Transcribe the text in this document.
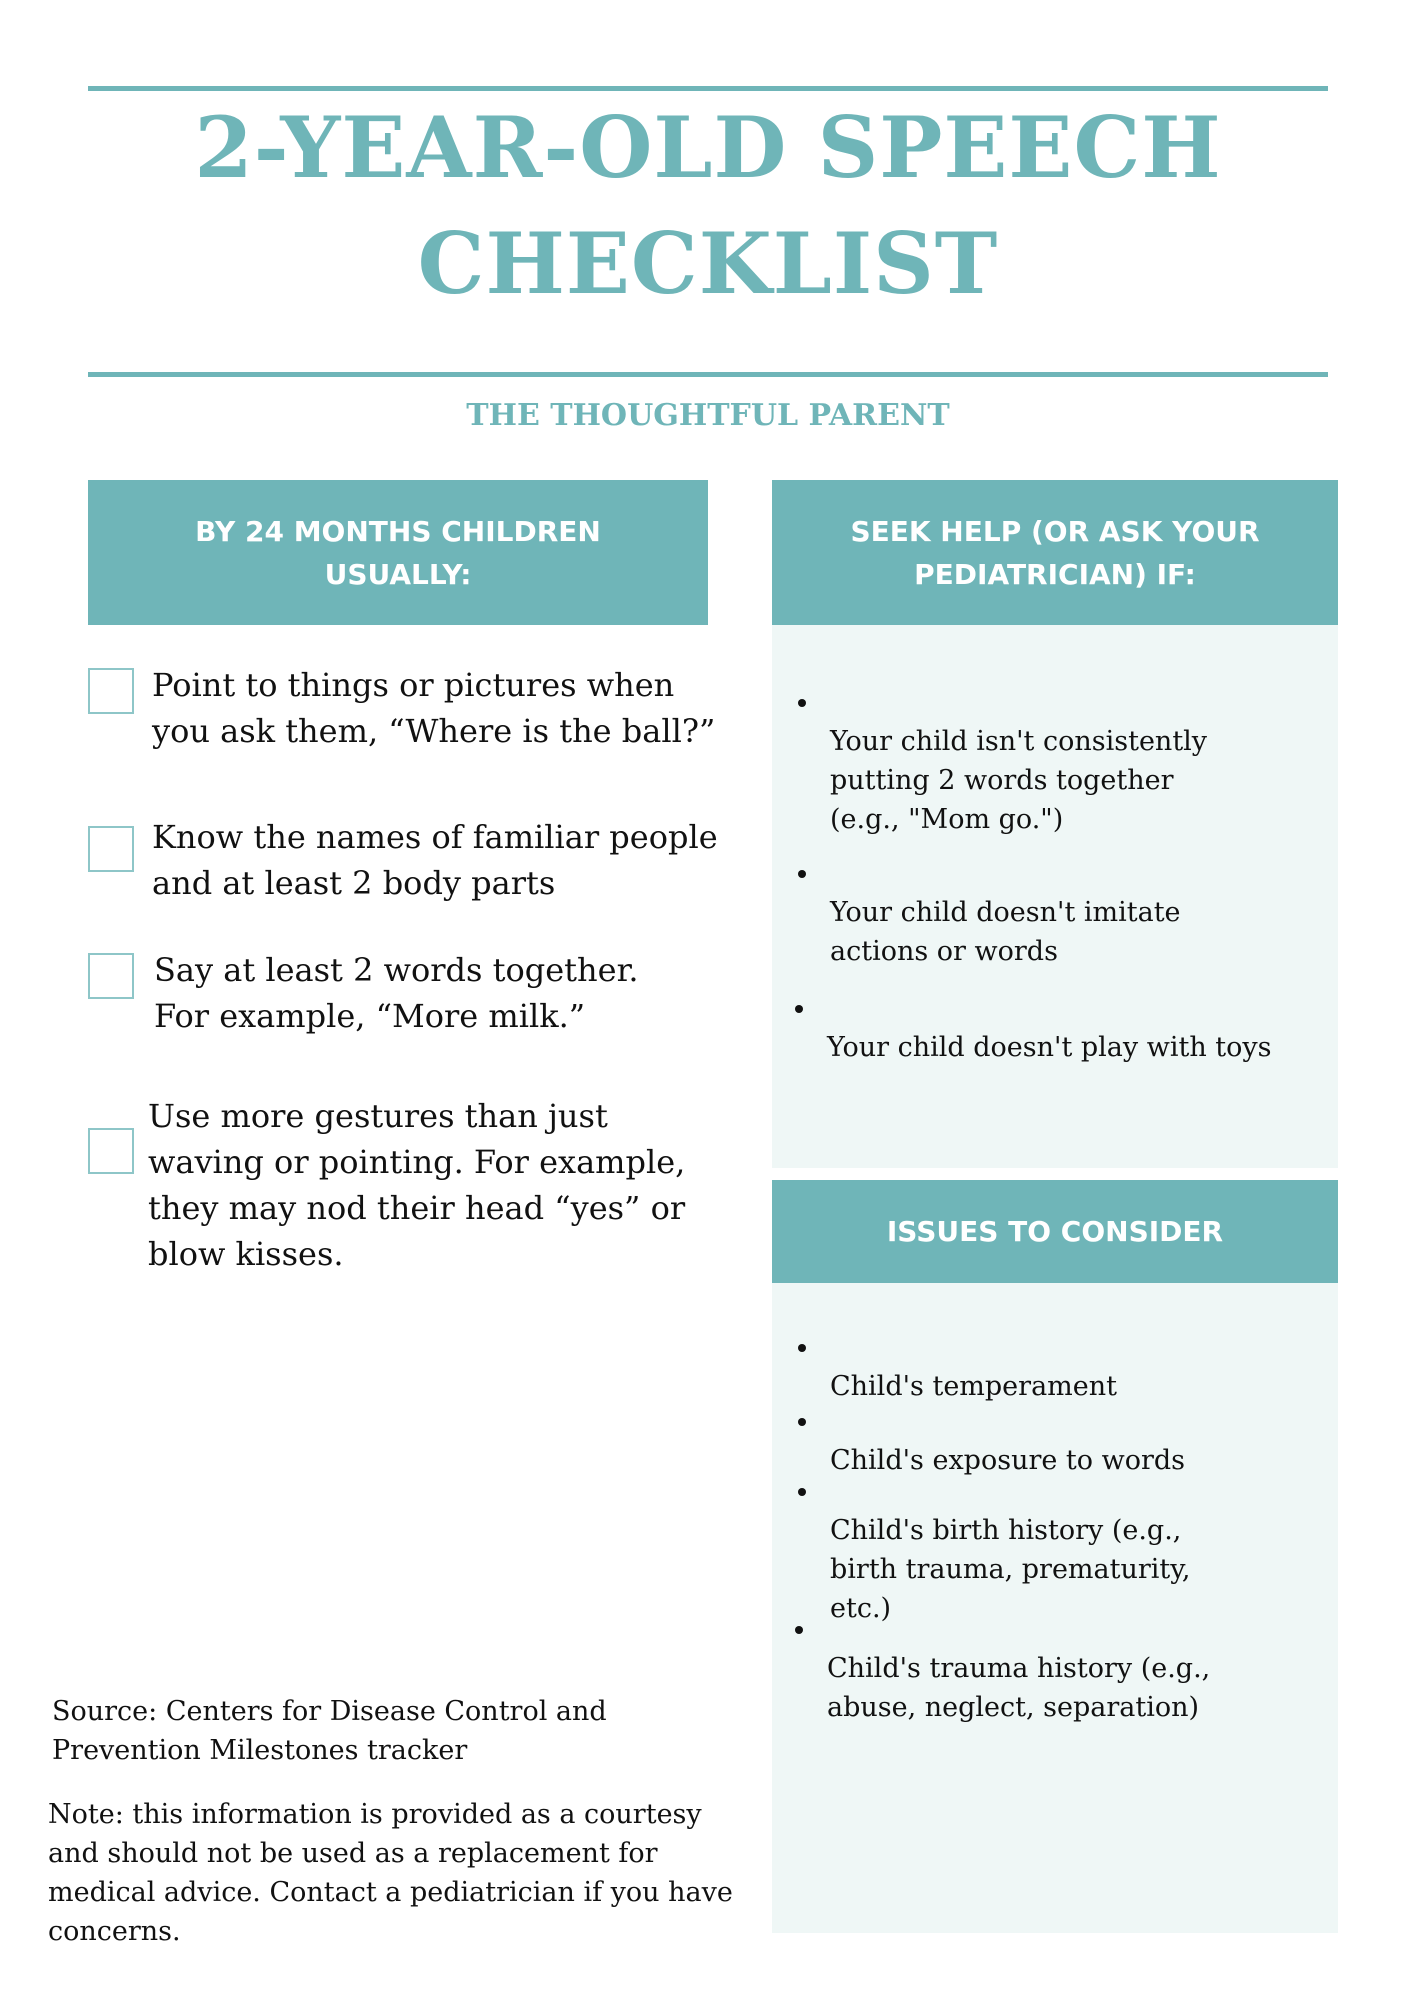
2-YEAR-OLD SPEECH
CHECKLIST
THE THOUGHTFUL PARENT
BY 24 MONTHS CHILDREN USUALLY:
Point to things or pictures when
you ask them, “Where is the ball?”
Know the names of familiar people
and at least 2 body parts
Say at least 2 words together.
For example, “More milk.”
Use more gestures than just
waving or pointing. For example,
they may nod their head “yes” or
blow kisses.
SEEK HELP (OR ASK YOUR PEDIATRICIAN) IF:

Your child isn't consistently
putting 2 words together
(e.g., "Mom go.")

Your child doesn't imitate
actions or words

Your child doesn't play with toys

ISSUES TO CONSIDER

Child's temperament

Child's exposure to words

Child's birth history (e.g.,
birth trauma, prematurity,
etc.)

Child's trauma history (e.g.,
abuse, neglect, separation)

Source: Centers for Disease Control and
Prevention Milestones tracker
Note: this information is provided as a courtesy
and should not be used as a replacement for
medical advice. Contact a pediatrician if you have
concerns.
